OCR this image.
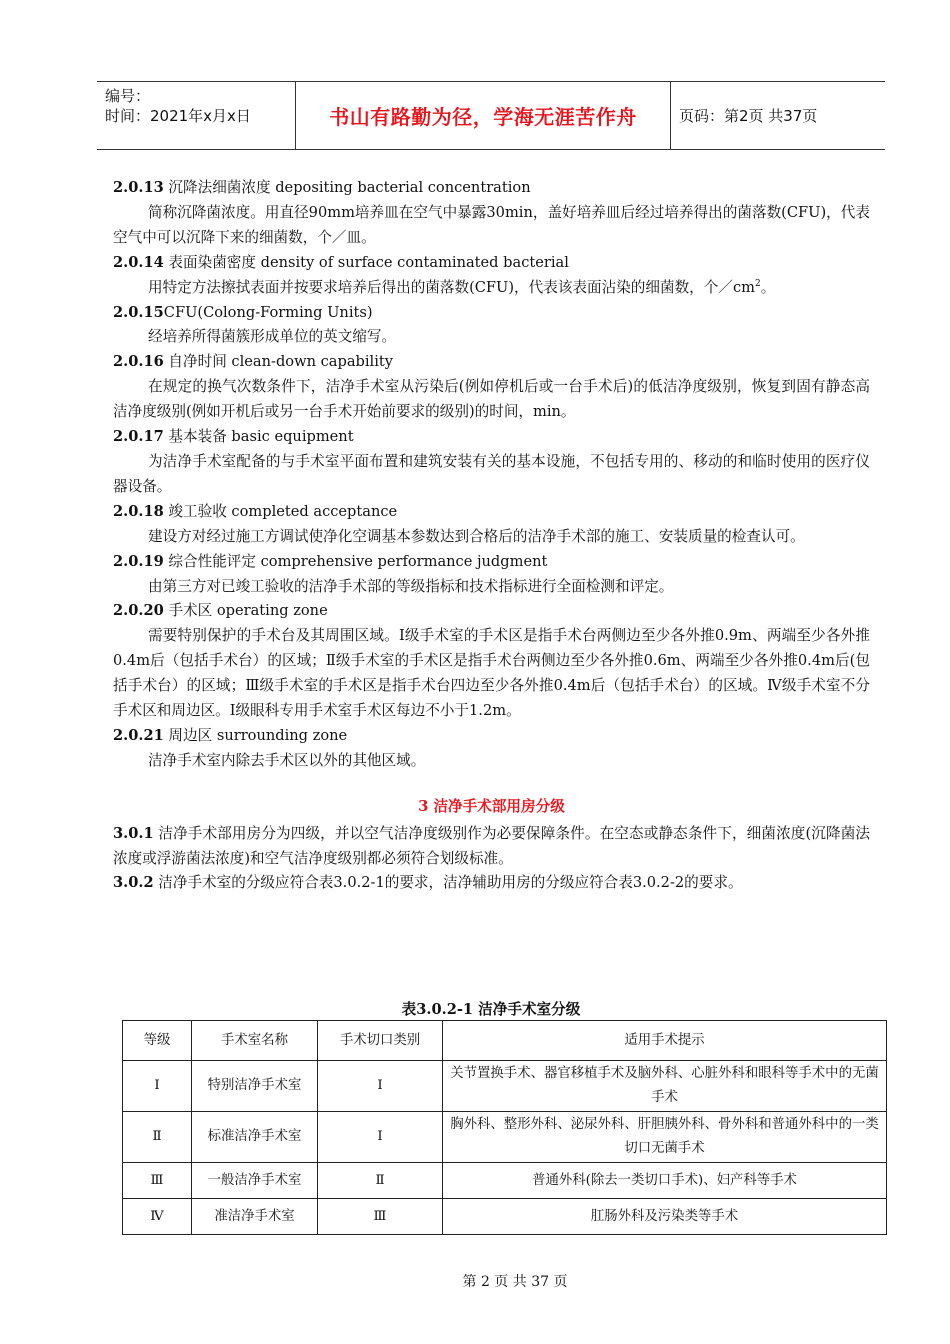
编号：
时间：2021年x月x日	书山有路勤为径，学海无涯苦作舟	页码：第2页 共37页

2.0.13 沉降法细菌浓度 depositing bacterial concentration

简称沉降菌浓度。用直径90mm培养皿在空气中暴露30min，盖好培养皿后经过培养得出的菌落数(CFU)，代表空气中可以沉降下来的细菌数，个／皿。

2.0.14 表面染菌密度 density of surface contaminated bacterial

用特定方法擦拭表面并按要求培养后得出的菌落数(CFU)，代表该表面沾染的细菌数，个$/cm^2$。

2.0.15CFU(Colong-Forming Units)

经培养所得菌簇形成单位的英文缩写。

2.0.16 自净时间 clean-down capability

在规定的换气次数条件下，洁净手术室从污染后(例如停机后或一台手术后)的低洁净度级别，恢复到固有静态高洁净度级别(例如开机后或另一台手术开始前要求的级别)的时间，min。

2.0.17 基本装备 basic equipment

为洁净手术室配备的与手术室平面布置和建筑安装有关的基本设施，不包括专用的、移动的和临时使用的医疗仪器设备。

2.0.18 竣工验收 completed acceptance

建设方对经过施工方调试使净化空调基本参数达到合格后的洁净手术部的施工、安装质量的检查认可。

2.0.19 综合性能评定 comprehensive performance judgment

由第三方对已竣工验收的洁净手术部的等级指标和技术指标进行全面检测和评定。

2.0.20 手术区 operating zone

需要特别保护的手术台及其周围区域。Ⅰ级手术室的手术区是指手术台两侧边至少各外推0.9m、两端至少各外推0.4m后（包括手术台）的区域；Ⅱ级手术室的手术区是指手术台两侧边至少各外推0.6m、两端至少各外推0.4m后(包括手术台）的区域；Ⅲ级手术室的手术区是指手术台四边至少各外推0.4m后（包括手术台）的区域。Ⅳ级手术室不分手术区和周边区。Ⅰ级眼科专用手术室手术区每边不小于1.2m。

2.0.21 周边区 surrounding zone

洁净手术室内除去手术区以外的其他区域。

3 洁净手术部用房分级

3.0.1 洁净手术部用房分为四级，并以空气洁净度级别作为必要保障条件。在空态或静态条件下，细菌浓度(沉降菌法浓度或浮游菌法浓度)和空气洁净度级别都必须符合划级标准。

3.0.2 洁净手术室的分级应符合表3.0.2-1的要求，洁净辅助用房的分级应符合表3.0.2-2的要求。

表3.0.2-1 洁净手术室分级
等级	手术室名称	手术切口类别	适用手术提示
Ⅰ	特别洁净手术室	Ⅰ	关节置换手术、器官移植手术及脑外科、心脏外科和眼科等手术中的无菌手术
Ⅱ	标准洁净手术室	Ⅰ	胸外科、整形外科、泌尿外科、肝胆胰外科、骨外科和普通外科中的一类切口无菌手术
Ⅲ	一般洁净手术室	Ⅱ	普通外科(除去一类切口手术)、妇产科等手术
Ⅳ	准洁净手术室	Ⅲ	肛肠外科及污染类等手术
第 2 页 共 37 页
